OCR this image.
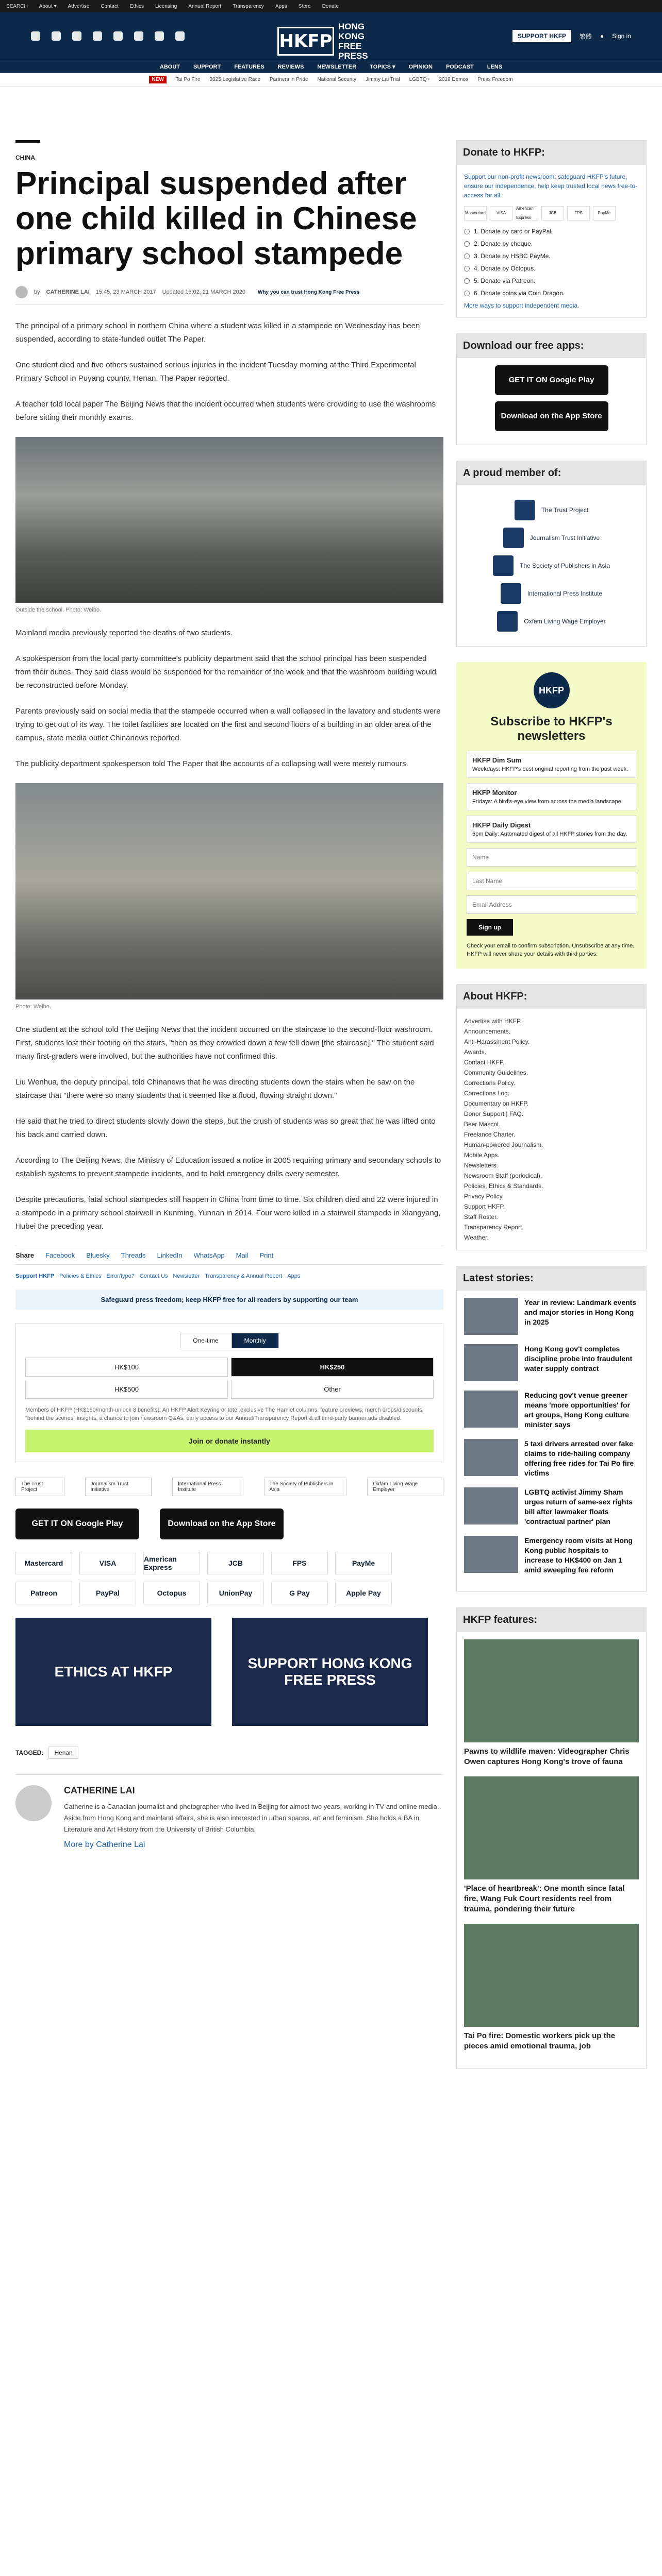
SEARCH About ▾ Advertise Contact Ethics Licensing Annual Report Transparency Apps Store Donate
HKFP
HONG KONG FREE PRESS
SUPPORT HKFP	繁體 ● Sign in
ABOUT SUPPORT FEATURES REVIEWS NEWSLETTER TOPICS ▾ OPINION PODCAST LENS
NEW	Tai Po Fire 2025 Legislative Race Partners in Pride National Security Jimmy Lai Trial LGBTQ+ 2019 Demos Press Freedom
CHINA
Principal suspended after one child killed in Chinese primary school stampede
by CATHERINE LAI 15:45, 23 MARCH 2017 Updated 15:02, 21 MARCH 2020 Why you can trust Hong Kong Free Press

The principal of a primary school in northern China where a student was killed in a stampede on Wednesday has been suspended, according to state-funded outlet The Paper.

One student died and five others sustained serious injuries in the incident Tuesday morning at the Third Experimental Primary School in Puyang county, Henan, The Paper reported.

A teacher told local paper The Beijing News that the incident occurred when students were crowding to use the washrooms before sitting their monthly exams.

Outside the school. Photo: Weibo.

Mainland media previously reported the deaths of two students.

A spokesperson from the local party committee's publicity department said that the school principal has been suspended from their duties. They said class would be suspended for the remainder of the week and that the washroom building would be reconstructed before Monday.

Parents previously said on social media that the stampede occurred when a wall collapsed in the lavatory and students were trying to get out of its way. The toilet facilities are located on the first and second floors of a building in an older area of the campus, state media outlet Chinanews reported.

The publicity department spokesperson told The Paper that the accounts of a collapsing wall were merely rumours.

Photo: Weibo.

One student at the school told The Beijing News that the incident occurred on the staircase to the second-floor washroom. First, students lost their footing on the stairs, "then as they crowded down a few fell down [the staircase]." The student said many first-graders were involved, but the authorities have not confirmed this.

Liu Wenhua, the deputy principal, told Chinanews that he was directing students down the stairs when he saw on the staircase that "there were so many students that it seemed like a flood, flowing straight down."

He said that he tried to direct students slowly down the steps, but the crush of students was so great that he was lifted onto his back and carried down.

According to The Beijing News, the Ministry of Education issued a notice in 2005 requiring primary and secondary schools to establish systems to prevent stampede incidents, and to hold emergency drills every semester.

Despite precautions, fatal school stampedes still happen in China from time to time. Six children died and 22 were injured in a stampede in a primary school stairwell in Kunming, Yunnan in 2014. Four were killed in a stairwell stampede in Xiangyang, Hubei the preceding year.

Share Facebook Bluesky Threads LinkedIn WhatsApp Mail Print
Support HKFP Policies & Ethics Error/typo? Contact Us Newsletter Transparency & Annual Report Apps
Safeguard press freedom; keep HKFP free for all readers by supporting our team
One-time	Monthly
HK$100	HK$250
HK$500	Other
Members of HKFP (HK$150/month-unlock 8 benefits): An HKFP Alert Keyring or tote; exclusive The Hamlet columns, feature previews, merch drops/discounts, "behind the scenes" insights, a chance to join newsroom Q&As, early access to our Annual/Transparency Report & all third-party banner ads disabled.
Join or donate instantly
The Trust Project
Journalism Trust Initiative
International Press Institute
The Society of Publishers in Asia
Oxfam Living Wage Employer
GET IT ON Google Play	Download on the App Store
Mastercard	VISA	American Express	JCB	FPS	PayMe
Patreon	PayPal	Octopus	UnionPay	G Pay	Apple Pay
ETHICS AT HKFP
SUPPORT HONG KONG FREE PRESS
TAGGED:	Henan
CATHERINE LAI
Catherine is a Canadian journalist and photographer who lived in Beijing for almost two years, working in TV and online media. Aside from Hong Kong and mainland affairs, she is also interested in urban spaces, art and feminism. She holds a BA in Literature and Art History from the University of British Columbia.
More by Catherine Lai
Donate to HKFP:
Support our non-profit newsroom: safeguard HKFP's future, ensure our independence, help keep trusted local news free-to-access for all.
Mastercard	VISA
American Express
JCB	FPS	PayMe
1. Donate by card or PayPal.
2. Donate by cheque.
3. Donate by HSBC PayMe.
4. Donate by Octopus.
5. Donate via Patreon.
6. Donate coins via Coin Dragon.
More ways to support independent media.
Download our free apps:
GET IT ON Google Play
Download on the App Store
A proud member of:
The Trust Project
Journalism Trust Initiative
The Society of Publishers in Asia
International Press Institute
Oxfam Living Wage Employer
HKFP
Subscribe to HKFP's newsletters
HKFP Dim Sum
Weekdays: HKFP's best original reporting from the past week.
HKFP Monitor
Fridays: A bird's-eye view from across the media landscape.
HKFP Daily Digest
5pm Daily: Automated digest of all HKFP stories from the day.
Name
Last Name
Email Address
Sign up
Check your email to confirm subscription. Unsubscribe at any time. HKFP will never share your details with third parties.
About HKFP:
Advertise with HKFP.
Announcements.
Anti-Harassment Policy.
Awards.
Contact HKFP.
Community Guidelines.
Corrections Policy.
Corrections Log.
Documentary on HKFP.
Donor Support | FAQ.
Beer Mascot.
Freelance Charter.
Human-powered Journalism.
Mobile Apps.
Newsletters.
Newsroom Staff (periodical).
Policies, Ethics & Standards.
Privacy Policy.
Support HKFP.
Staff Roster.
Transparency Report.
Weather.
Latest stories:
Year in review: Landmark events and major stories in Hong Kong in 2025
Hong Kong gov't completes discipline probe into fraudulent water supply contract
Reducing gov't venue greener means 'more opportunities' for art groups, Hong Kong culture minister says
5 taxi drivers arrested over fake claims to ride-hailing company offering free rides for Tai Po fire victims
LGBTQ activist Jimmy Sham urges return of same-sex rights bill after lawmaker floats 'contractual partner' plan
Emergency room visits at Hong Kong public hospitals to increase to HK$400 on Jan 1 amid sweeping fee reform
HKFP features:
Pawns to wildlife maven: Videographer Chris Owen captures Hong Kong's trove of fauna
'Place of heartbreak': One month since fatal fire, Wang Fuk Court residents reel from trauma, pondering their future
Tai Po fire: Domestic workers pick up the pieces amid emotional trauma, job
